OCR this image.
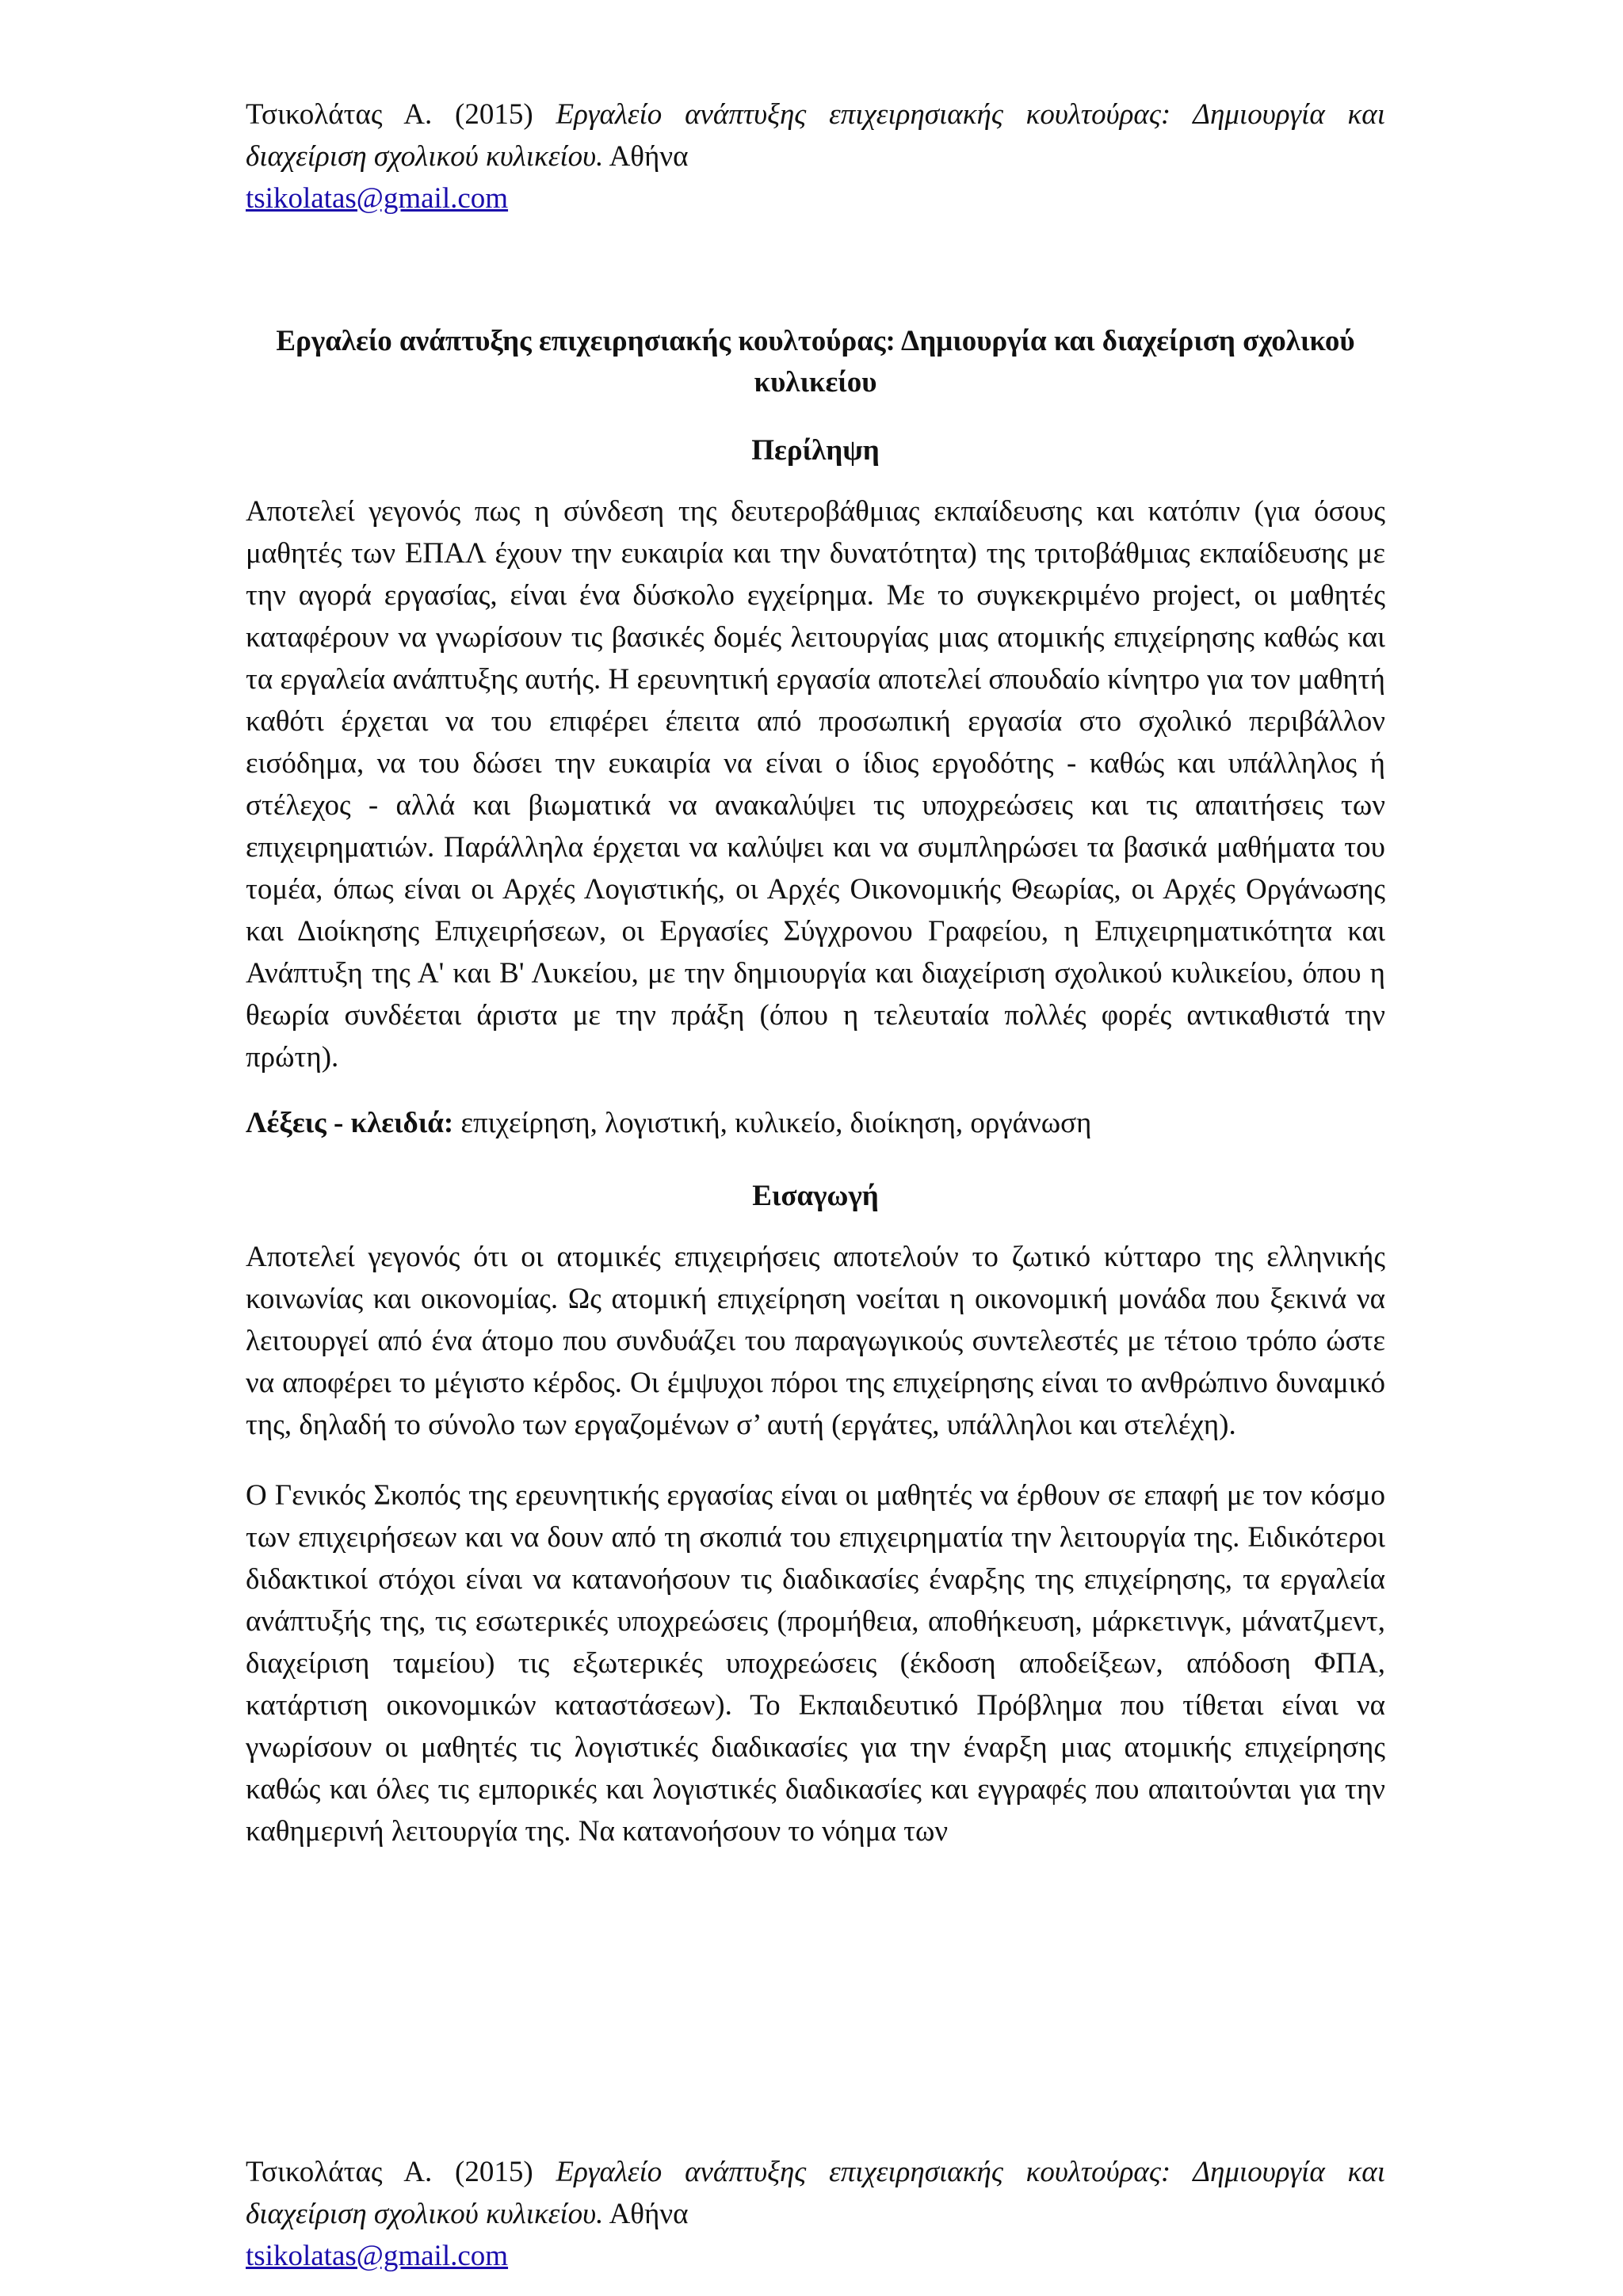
Τσικολάτας Α. (2015) Εργαλείο ανάπτυξης επιχειρησιακής κουλτούρας: Δημιουργία και διαχείριση σχολικού κυλικείου. Αθήνα
tsikolatas@gmail.com
Εργαλείο ανάπτυξης επιχειρησιακής κουλτούρας: Δημιουργία και διαχείριση σχολικού κυλικείου
Περίληψη

Αποτελεί γεγονός πως η σύνδεση της δευτεροβάθμιας εκπαίδευσης και κατόπιν (για όσους μαθητές των ΕΠΑΛ έχουν την ευκαιρία και την δυνατότητα) της τριτοβάθμιας εκπαίδευσης με την αγορά εργασίας, είναι ένα δύσκολο εγχείρημα. Με το συγκεκριμένο project, οι μαθητές καταφέρουν να γνωρίσουν τις βασικές δομές λειτουργίας μιας ατομικής επιχείρησης καθώς και τα εργαλεία ανάπτυξης αυτής. Η ερευνητική εργασία αποτελεί σπουδαίο κίνητρο για τον μαθητή καθότι έρχεται να του επιφέρει έπειτα από προσωπική εργασία στο σχολικό περιβάλλον εισόδημα, να του δώσει την ευκαιρία να είναι ο ίδιος εργοδότης - καθώς και υπάλληλος ή στέλεχος - αλλά και βιωματικά να ανακαλύψει τις υποχρεώσεις και τις απαιτήσεις των επιχειρηματιών. Παράλληλα έρχεται να καλύψει και να συμπληρώσει τα βασικά μαθήματα του τομέα, όπως είναι οι Αρχές Λογιστικής, οι Αρχές Οικονομικής Θεωρίας, οι Αρχές Οργάνωσης και Διοίκησης Επιχειρήσεων, οι Εργασίες Σύγχρονου Γραφείου, η Επιχειρηματικότητα και Ανάπτυξη της Α' και Β' Λυκείου, με την δημιουργία και διαχείριση σχολικού κυλικείου, όπου η θεωρία συνδέεται άριστα με την πράξη (όπου η τελευταία πολλές φορές αντικαθιστά την πρώτη).

Λέξεις - κλειδιά: επιχείρηση, λογιστική, κυλικείο, διοίκηση, οργάνωση

Εισαγωγή

Αποτελεί γεγονός ότι οι ατομικές επιχειρήσεις αποτελούν το ζωτικό κύτταρο της ελληνικής κοινωνίας και οικονομίας. Ως ατομική επιχείρηση νοείται η οικονομική μονάδα που ξεκινά να λειτουργεί από ένα άτομο που συνδυάζει του παραγωγικούς συντελεστές με τέτοιο τρόπο ώστε να αποφέρει το μέγιστο κέρδος. Οι έμψυχοι πόροι της επιχείρησης είναι το ανθρώπινο δυναμικό της, δηλαδή το σύνολο των εργαζομένων σ’ αυτή (εργάτες, υπάλληλοι και στελέχη).

Ο Γενικός Σκοπός της ερευνητικής εργασίας είναι οι μαθητές να έρθουν σε επαφή με τον κόσμο των επιχειρήσεων και να δουν από τη σκοπιά του επιχειρηματία την λειτουργία της. Ειδικότεροι διδακτικοί στόχοι είναι να κατανοήσουν τις διαδικασίες έναρξης της επιχείρησης, τα εργαλεία ανάπτυξής της, τις εσωτερικές υποχρεώσεις (προμήθεια, αποθήκευση, μάρκετινγκ, μάνατζμεντ, διαχείριση ταμείου) τις εξωτερικές υποχρεώσεις (έκδοση αποδείξεων, απόδοση ΦΠΑ, κατάρτιση οικονομικών καταστάσεων). Το Εκπαιδευτικό Πρόβλημα που τίθεται είναι να γνωρίσουν οι μαθητές τις λογιστικές διαδικασίες για την έναρξη μιας ατομικής επιχείρησης καθώς και όλες τις εμπορικές και λογιστικές διαδικασίες και εγγραφές που απαιτούνται για την καθημερινή λειτουργία της. Να κατανοήσουν το νόημα των

Τσικολάτας Α. (2015) Εργαλείο ανάπτυξης επιχειρησιακής κουλτούρας: Δημιουργία και διαχείριση σχολικού κυλικείου. Αθήνα
tsikolatas@gmail.com
